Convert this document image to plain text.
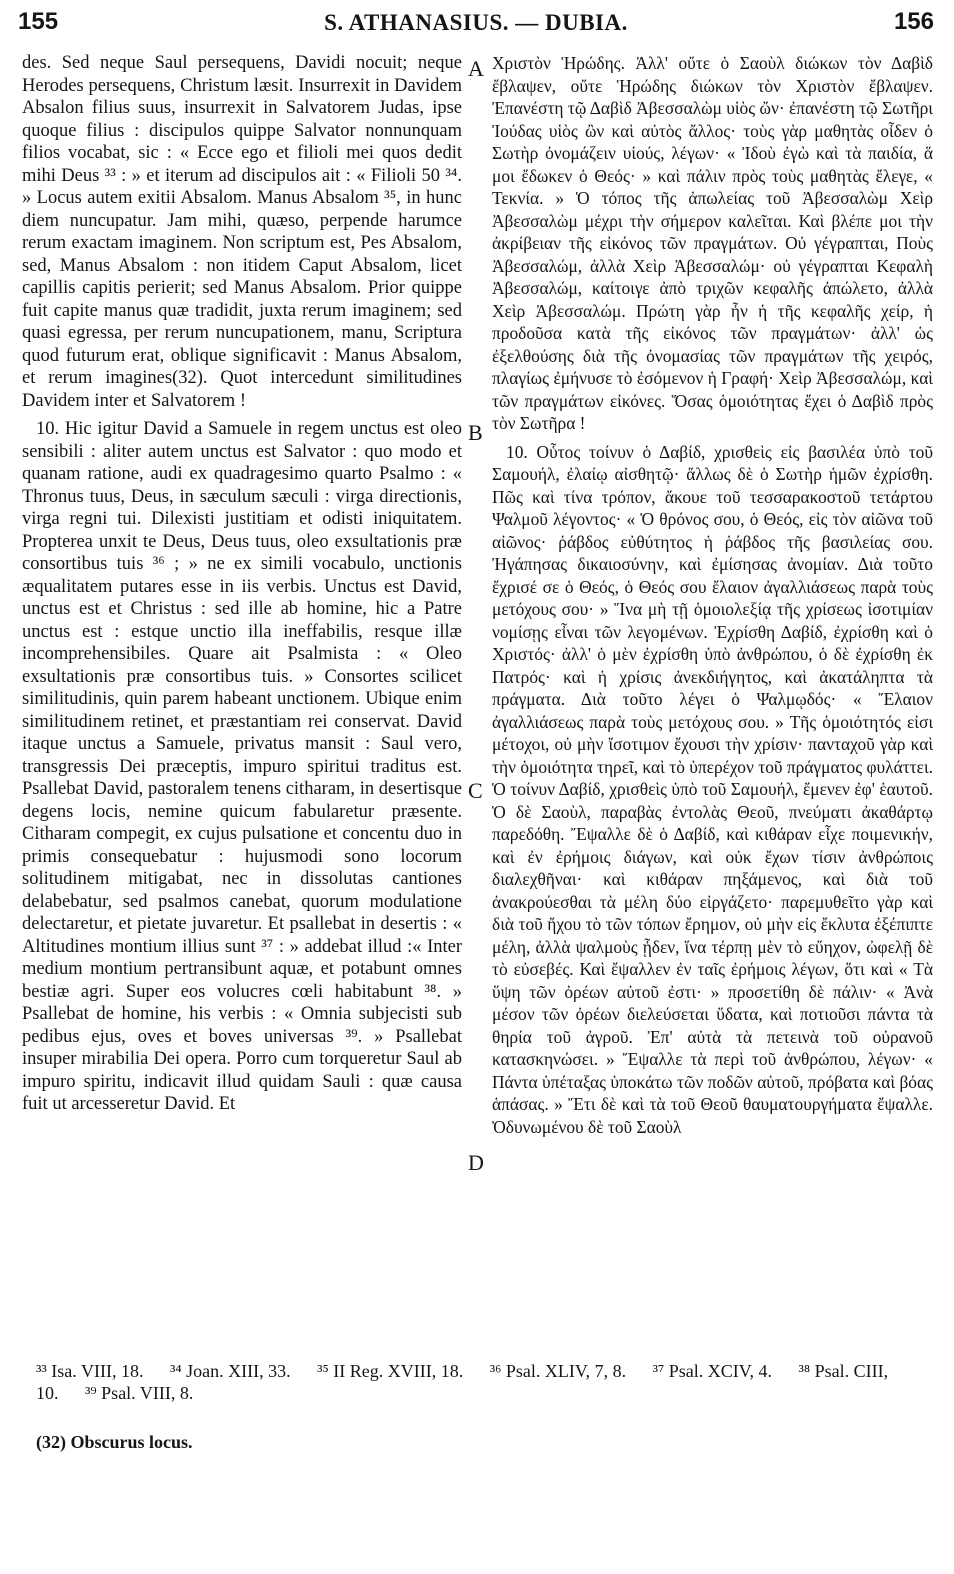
155	S. ATHANASIUS. — DUBIA.	156

des. Sed neque Saul persequens, Davidi nocuit; neque Herodes persequens, Christum læsit. Insurrexit in Davidem Absalon filius suus, insurrexit in Salvatorem Judas, ipse quoque filius : discipulos quippe Salvator nonnunquam filios vocabat, sic : « Ecce ego et filioli mei quos dedit mihi Deus ³³ : » et iterum ad discipulos ait : « Filioli 50 ³⁴. » Locus autem exitii Absalom. Manus Absalom ³⁵, in hunc diem nuncupatur. Jam mihi, quæso, perpende harumce rerum exactam imaginem. Non scriptum est, Pes Absalom, sed, Manus Absalom : non itidem Caput Absalom, licet capillis capitis perierit; sed Manus Absalom. Prior quippe fuit capite manus quæ tradidit, juxta rerum imaginem; sed quasi egressa, per rerum nuncupationem, manu, Scriptura quod futurum erat, oblique significavit : Manus Absalom, et rerum imagines(32). Quot intercedunt similitudines Davidem inter et Salvatorem !

10. Hic igitur David a Samuele in regem unctus est oleo sensibili : aliter autem unctus est Salvator : quo modo et quanam ratione, audi ex quadragesimo quarto Psalmo : « Thronus tuus, Deus, in sæculum sæculi : virga directionis, virga regni tui. Dilexisti justitiam et odisti iniquitatem. Propterea unxit te Deus, Deus tuus, oleo exsultationis præ consortibus tuis ³⁶ ; » ne ex simili vocabulo, unctionis æqualitatem putares esse in iis verbis. Unctus est David, unctus est et Christus : sed ille ab homine, hic a Patre unctus est : estque unctio illa ineffabilis, resque illæ incomprehensibiles. Quare ait Psalmista : « Oleo exsultationis præ consortibus tuis. » Consortes scilicet similitudinis, quin parem habeant unctionem. Ubique enim similitudinem retinet, et præstantiam rei conservat. David itaque unctus a Samuele, privatus mansit : Saul vero, transgressis Dei præceptis, impuro spiritui traditus est. Psallebat David, pastoralem tenens citharam, in desertisque degens locis, nemine quicum fabularetur præsente. Citharam compegit, ex cujus pulsatione et concentu duo in primis consequebatur : hujusmodi sono locorum solitudinem mitigabat, nec in dissolutas cantiones delabebatur, sed psalmos canebat, quorum modulatione delectaretur, et pietate juvaretur. Et psallebat in desertis : « Altitudines montium illius sunt ³⁷ : » addebat illud :« Inter medium montium pertransibunt aquæ, et potabunt omnes bestiæ agri. Super eos volucres cœli habitabunt ³⁸. » Psallebat de homine, his verbis : « Omnia subjecisti sub pedibus ejus, oves et boves universas ³⁹. » Psallebat insuper mirabilia Dei opera. Porro cum torqueretur Saul ab impuro spiritu, indicavit illud quidam Sauli : quæ causa fuit ut arcesseretur David. Et

A
B
C
D

Χριστὸν Ἡρώδης. Ἀλλ' οὔτε ὁ Σαοὺλ διώκων τὸν Δαβὶδ ἔβλαψεν, οὔτε Ἡρώδης διώκων τὸν Χριστὸν ἔβλαψεν. Ἐπανέστη τῷ Δαβὶδ Ἀβεσσαλὼμ υἱὸς ὤν· ἐπανέστη τῷ Σωτῆρι Ἰούδας υἱὸς ὢν καὶ αὐτὸς ἄλλος· τοὺς γὰρ μαθητὰς οἶδεν ὁ Σωτὴρ ὀνομάζειν υἱούς, λέγων· « Ἰδοὺ ἐγὼ καὶ τὰ παιδία, ἅ μοι ἔδωκεν ὁ Θεός· » καὶ πάλιν πρὸς τοὺς μαθητὰς ἔλεγε, « Τεκνία. » Ὁ τόπος τῆς ἀπωλείας τοῦ Ἀβεσσαλὼμ Χεὶρ Ἀβεσσαλὼμ μέχρι τὴν σήμερον καλεῖται. Καὶ βλέπε μοι τὴν ἀκρίβειαν τῆς εἰκόνος τῶν πραγμάτων. Οὐ γέγραπται, Ποὺς Ἀβεσσαλώμ, ἀλλὰ Χεὶρ Ἀβεσσαλώμ· οὐ γέγραπται Κεφαλὴ Ἀβεσσαλώμ, καίτοιγε ἀπὸ τριχῶν κεφαλῆς ἀπώλετο, ἀλλὰ Χεὶρ Ἀβεσσαλώμ. Πρώτη γὰρ ἦν ἡ τῆς κεφαλῆς χείρ, ἡ προδοῦσα κατὰ τῆς εἰκόνος τῶν πραγμάτων· ἀλλ' ὡς ἐξελθούσης διὰ τῆς ὀνομασίας τῶν πραγμάτων τῆς χειρός, πλαγίως ἐμήνυσε τὸ ἐσόμενον ἡ Γραφή· Χεὶρ Ἀβεσσαλώμ, καὶ τῶν πραγμάτων εἰκόνες. Ὅσας ὁμοιότητας ἔχει ὁ Δαβὶδ πρὸς τὸν Σωτῆρα !

10. Οὗτος τοίνυν ὁ Δαβίδ, χρισθεὶς εἰς βασιλέα ὑπὸ τοῦ Σαμουήλ, ἐλαίῳ αἰσθητῷ· ἄλλως δὲ ὁ Σωτὴρ ἡμῶν ἐχρίσθη. Πῶς καὶ τίνα τρόπον, ἄκουε τοῦ τεσσαρακοστοῦ τετάρτου Ψαλμοῦ λέγοντος· « Ὁ θρόνος σου, ὁ Θεός, εἰς τὸν αἰῶνα τοῦ αἰῶνος· ῥάβδος εὐθύτητος ἡ ῥάβδος τῆς βασιλείας σου. Ἠγάπησας δικαιοσύνην, καὶ ἐμίσησας ἀνομίαν. Διὰ τοῦτο ἔχρισέ σε ὁ Θεός, ὁ Θεός σου ἔλαιον ἀγαλλιάσεως παρὰ τοὺς μετόχους σου· » Ἵνα μὴ τῇ ὁμοιολεξίᾳ τῆς χρίσεως ἰσοτιμίαν νομίσῃς εἶναι τῶν λεγομένων. Ἐχρίσθη Δαβίδ, ἐχρίσθη καὶ ὁ Χριστός· ἀλλ' ὁ μὲν ἐχρίσθη ὑπὸ ἀνθρώπου, ὁ δὲ ἐχρίσθη ἐκ Πατρός· καὶ ἡ χρίσις ἀνεκδιήγητος, καὶ ἀκατάληπτα τὰ πράγματα. Διὰ τοῦτο λέγει ὁ Ψαλμῳδός· « Ἔλαιον ἀγαλλιάσεως παρὰ τοὺς μετόχους σου. » Τῆς ὁμοιότητός εἰσι μέτοχοι, οὐ μὴν ἴσοτιμον ἔχουσι τὴν χρίσιν· πανταχοῦ γὰρ καὶ τὴν ὁμοιότητα τηρεῖ, καὶ τὸ ὑπερέχον τοῦ πράγματος φυλάττει. Ὁ τοίνυν Δαβίδ, χρισθεὶς ὑπὸ τοῦ Σαμουήλ, ἔμενεν ἐφ' ἑαυτοῦ. Ὁ δὲ Σαοὺλ, παραβὰς ἐντολὰς Θεοῦ, πνεύματι ἀκαθάρτῳ παρεδόθη. Ἔψαλλε δὲ ὁ Δαβίδ, καὶ κιθάραν εἶχε ποιμενικήν, καὶ ἐν ἐρήμοις διάγων, καὶ οὐκ ἔχων τίσιν ἀνθρώποις διαλεχθῆναι· καὶ κιθάραν πηξάμενος, καὶ διὰ τοῦ ἀνακρούεσθαι τὰ μέλη δύο εἰργάζετο· παρεμυθεῖτο γὰρ καὶ διὰ τοῦ ἤχου τὸ τῶν τόπων ἔρημον, οὐ μὴν εἰς ἔκλυτα ἐξέπιπτε μέλη, ἀλλὰ ψαλμοὺς ᾖδεν, ἵνα τέρπῃ μὲν τὸ εὔηχον, ὠφελῇ δὲ τὸ εὐσεβές. Καὶ ἔψαλλεν ἐν ταῖς ἐρήμοις λέγων, ὅτι καὶ « Τὰ ὕψη τῶν ὀρέων αὐτοῦ ἐστι· » προσετίθη δὲ πάλιν· « Ἀνὰ μέσον τῶν ὀρέων διελεύσεται ὕδατα, καὶ ποτιοῦσι πάντα τὰ θηρία τοῦ ἀγροῦ. Ἐπ' αὐτὰ τὰ πετεινὰ τοῦ οὐρανοῦ κατασκηνώσει. » Ἔψαλλε τὰ περὶ τοῦ ἀνθρώπου, λέγων· « Πάντα ὑπέταξας ὑποκάτω τῶν ποδῶν αὐτοῦ, πρόβατα καὶ βόας ἁπάσας. » Ἔτι δὲ καὶ τὰ τοῦ Θεοῦ θαυματουργήματα ἔψαλλε. Ὀδυνωμένου δὲ τοῦ Σαοὺλ

³³ Isa. VIII, 18. ³⁴ Joan. XIII, 33. ³⁵ II Reg. XVIII, 18. ³⁶ Psal. XLIV, 7, 8. ³⁷ Psal. XCIV, 4. ³⁸ Psal. CIII, 10. ³⁹ Psal. VIII, 8.
(32) Obscurus locus.
